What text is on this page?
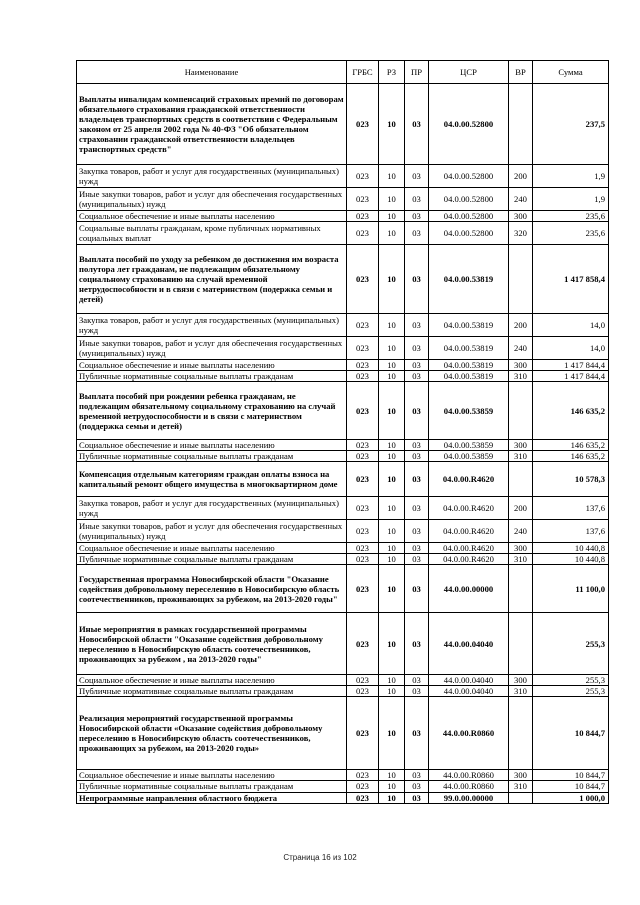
Наименование	ГРБС	РЗ	ПР	ЦСР	ВР	Сумма
Выплаты инвалидам компенсаций страховых премий по договорам обязательного страхования гражданской ответственности владельцев транспортных средств в соответствии с Федеральным законом от 25 апреля 2002 года № 40-ФЗ "Об обязательном страховании гражданской ответственности владельцев транспортных средств"	023	10	03	04.0.00.52800		237,5
Закупка товаров, работ и услуг для государственных (муниципальных) нужд	023	10	03	04.0.00.52800	200	1,9
Иные закупки товаров, работ и услуг для обеспечения государственных (муниципальных) нужд	023	10	03	04.0.00.52800	240	1,9
Социальное обеспечение и иные выплаты населению	023	10	03	04.0.00.52800	300	235,6
Социальные выплаты гражданам, кроме публичных нормативных социальных выплат	023	10	03	04.0.00.52800	320	235,6
Выплата пособий по уходу за ребенком до достижения им возраста полутора лет гражданам, не подлежащим обязательному социальному страхованию на случай временной нетрудоспособности и в связи с материнством (подержка семьи и детей)	023	10	03	04.0.00.53819		1 417 858,4
Закупка товаров, работ и услуг для государственных (муниципальных) нужд	023	10	03	04.0.00.53819	200	14,0
Иные закупки товаров, работ и услуг для обеспечения государственных (муниципальных) нужд	023	10	03	04.0.00.53819	240	14,0
Социальное обеспечение и иные выплаты населению	023	10	03	04.0.00.53819	300	1 417 844,4
Публичные нормативные социальные выплаты гражданам	023	10	03	04.0.00.53819	310	1 417 844,4
Выплата пособий при рождении ребенка гражданам, не подлежащим обязательному социальному страхованию на случай временной нетрудоспособности и в связи с материнством (поддержка семьи и детей)	023	10	03	04.0.00.53859		146 635,2
Социальное обеспечение и иные выплаты населению	023	10	03	04.0.00.53859	300	146 635,2
Публичные нормативные социальные выплаты гражданам	023	10	03	04.0.00.53859	310	146 635,2
Компенсация отдельным категориям граждан оплаты взноса на капитальный ремонт общего имущества в многоквартирном доме	023	10	03	04.0.00.R4620		10 578,3
Закупка товаров, работ и услуг для государственных (муниципальных) нужд	023	10	03	04.0.00.R4620	200	137,6
Иные закупки товаров, работ и услуг для обеспечения государственных (муниципальных) нужд	023	10	03	04.0.00.R4620	240	137,6
Социальное обеспечение и иные выплаты населению	023	10	03	04.0.00.R4620	300	10 440,8
Публичные нормативные социальные выплаты гражданам	023	10	03	04.0.00.R4620	310	10 440,8
Государственная программа Новосибирской области "Оказание содействия добровольному переселению в Новосибирскую область соотечественников, проживающих за рубежом, на 2013-2020 годы"	023	10	03	44.0.00.00000		11 100,0
Иные мероприятия в рамках государственной программы Новосибирской области "Оказание содействия добровольному переселению в Новосибирскую область соотечественников, проживающих за рубежом , на 2013-2020 годы"	023	10	03	44.0.00.04040		255,3
Социальное обеспечение и иные выплаты населению	023	10	03	44.0.00.04040	300	255,3
Публичные нормативные социальные выплаты гражданам	023	10	03	44.0.00.04040	310	255,3
Реализация мероприятий государственной программы Новосибирской области «Оказание содействия добровольному переселению в Новосибирскую область соотечественников, проживающих за рубежом, на 2013-2020 годы»	023	10	03	44.0.00.R0860		10 844,7
Социальное обеспечение и иные выплаты населению	023	10	03	44.0.00.R0860	300	10 844,7
Публичные нормативные социальные выплаты гражданам	023	10	03	44.0.00.R0860	310	10 844,7
Непрограммные направления областного бюджета	023	10	03	99.0.00.00000		1 000,0
Страница 16 из 102
